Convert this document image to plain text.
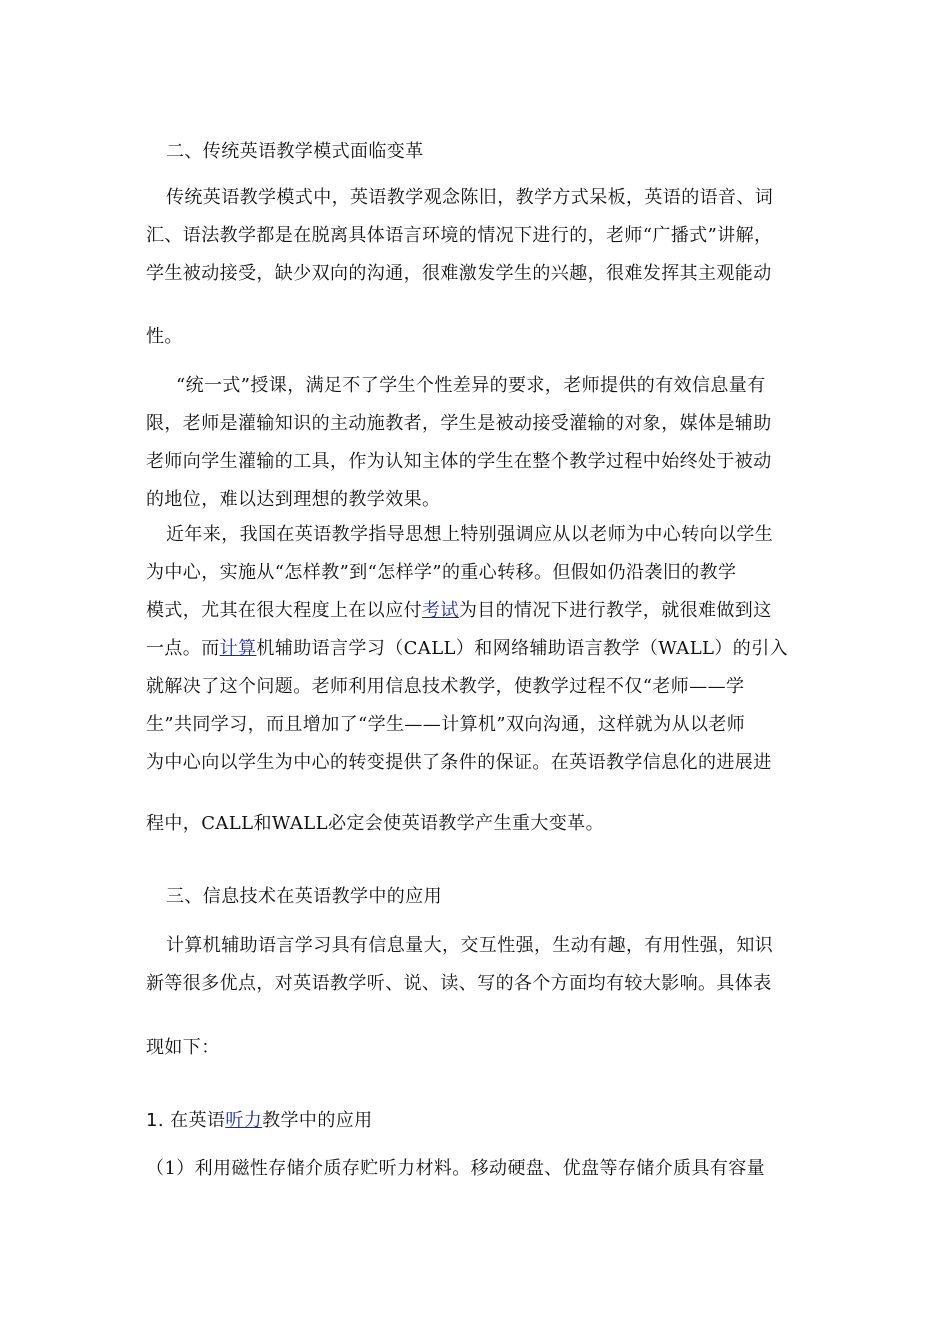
二、传统英语教学模式面临变革
传统英语教学模式中，英语教学观念陈旧，教学方式呆板，英语的语音、词
汇、语法教学都是在脱离具体语言环境的情况下进行的，老师“广播式”讲解，
学生被动接受，缺少双向的沟通，很难激发学生的兴趣，很难发挥其主观能动
性。
“统一式”授课，满足不了学生个性差异的要求，老师提供的有效信息量有
限，老师是灌输知识的主动施教者，学生是被动接受灌输的对象，媒体是辅助
老师向学生灌输的工具，作为认知主体的学生在整个教学过程中始终处于被动
的地位，难以达到理想的教学效果。
近年来，我国在英语教学指导思想上特别强调应从以老师为中心转向以学生
为中心，实施从“怎样教”到“怎样学”的重心转移。但假如仍沿袭旧的教学
模式，尤其在很大程度上在以应付考试为目的情况下进行教学，就很难做到这
一点。而计算机辅助语言学习（CALL）和网络辅助语言教学（WALL）的引入
就解决了这个问题。老师利用信息技术教学，使教学过程不仅“老师——学
生”共同学习，而且增加了“学生——计算机”双向沟通，这样就为从以老师
为中心向以学生为中心的转变提供了条件的保证。在英语教学信息化的进展进
程中，CALL和WALL必定会使英语教学产生重大变革。
三、信息技术在英语教学中的应用
计算机辅助语言学习具有信息量大，交互性强，生动有趣，有用性强，知识
新等很多优点，对英语教学听、说、读、写的各个方面均有较大影响。具体表
现如下：
1. 在英语听力教学中的应用
（1）利用磁性存储介质存贮听力材料。移动硬盘、优盘等存储介质具有容量
